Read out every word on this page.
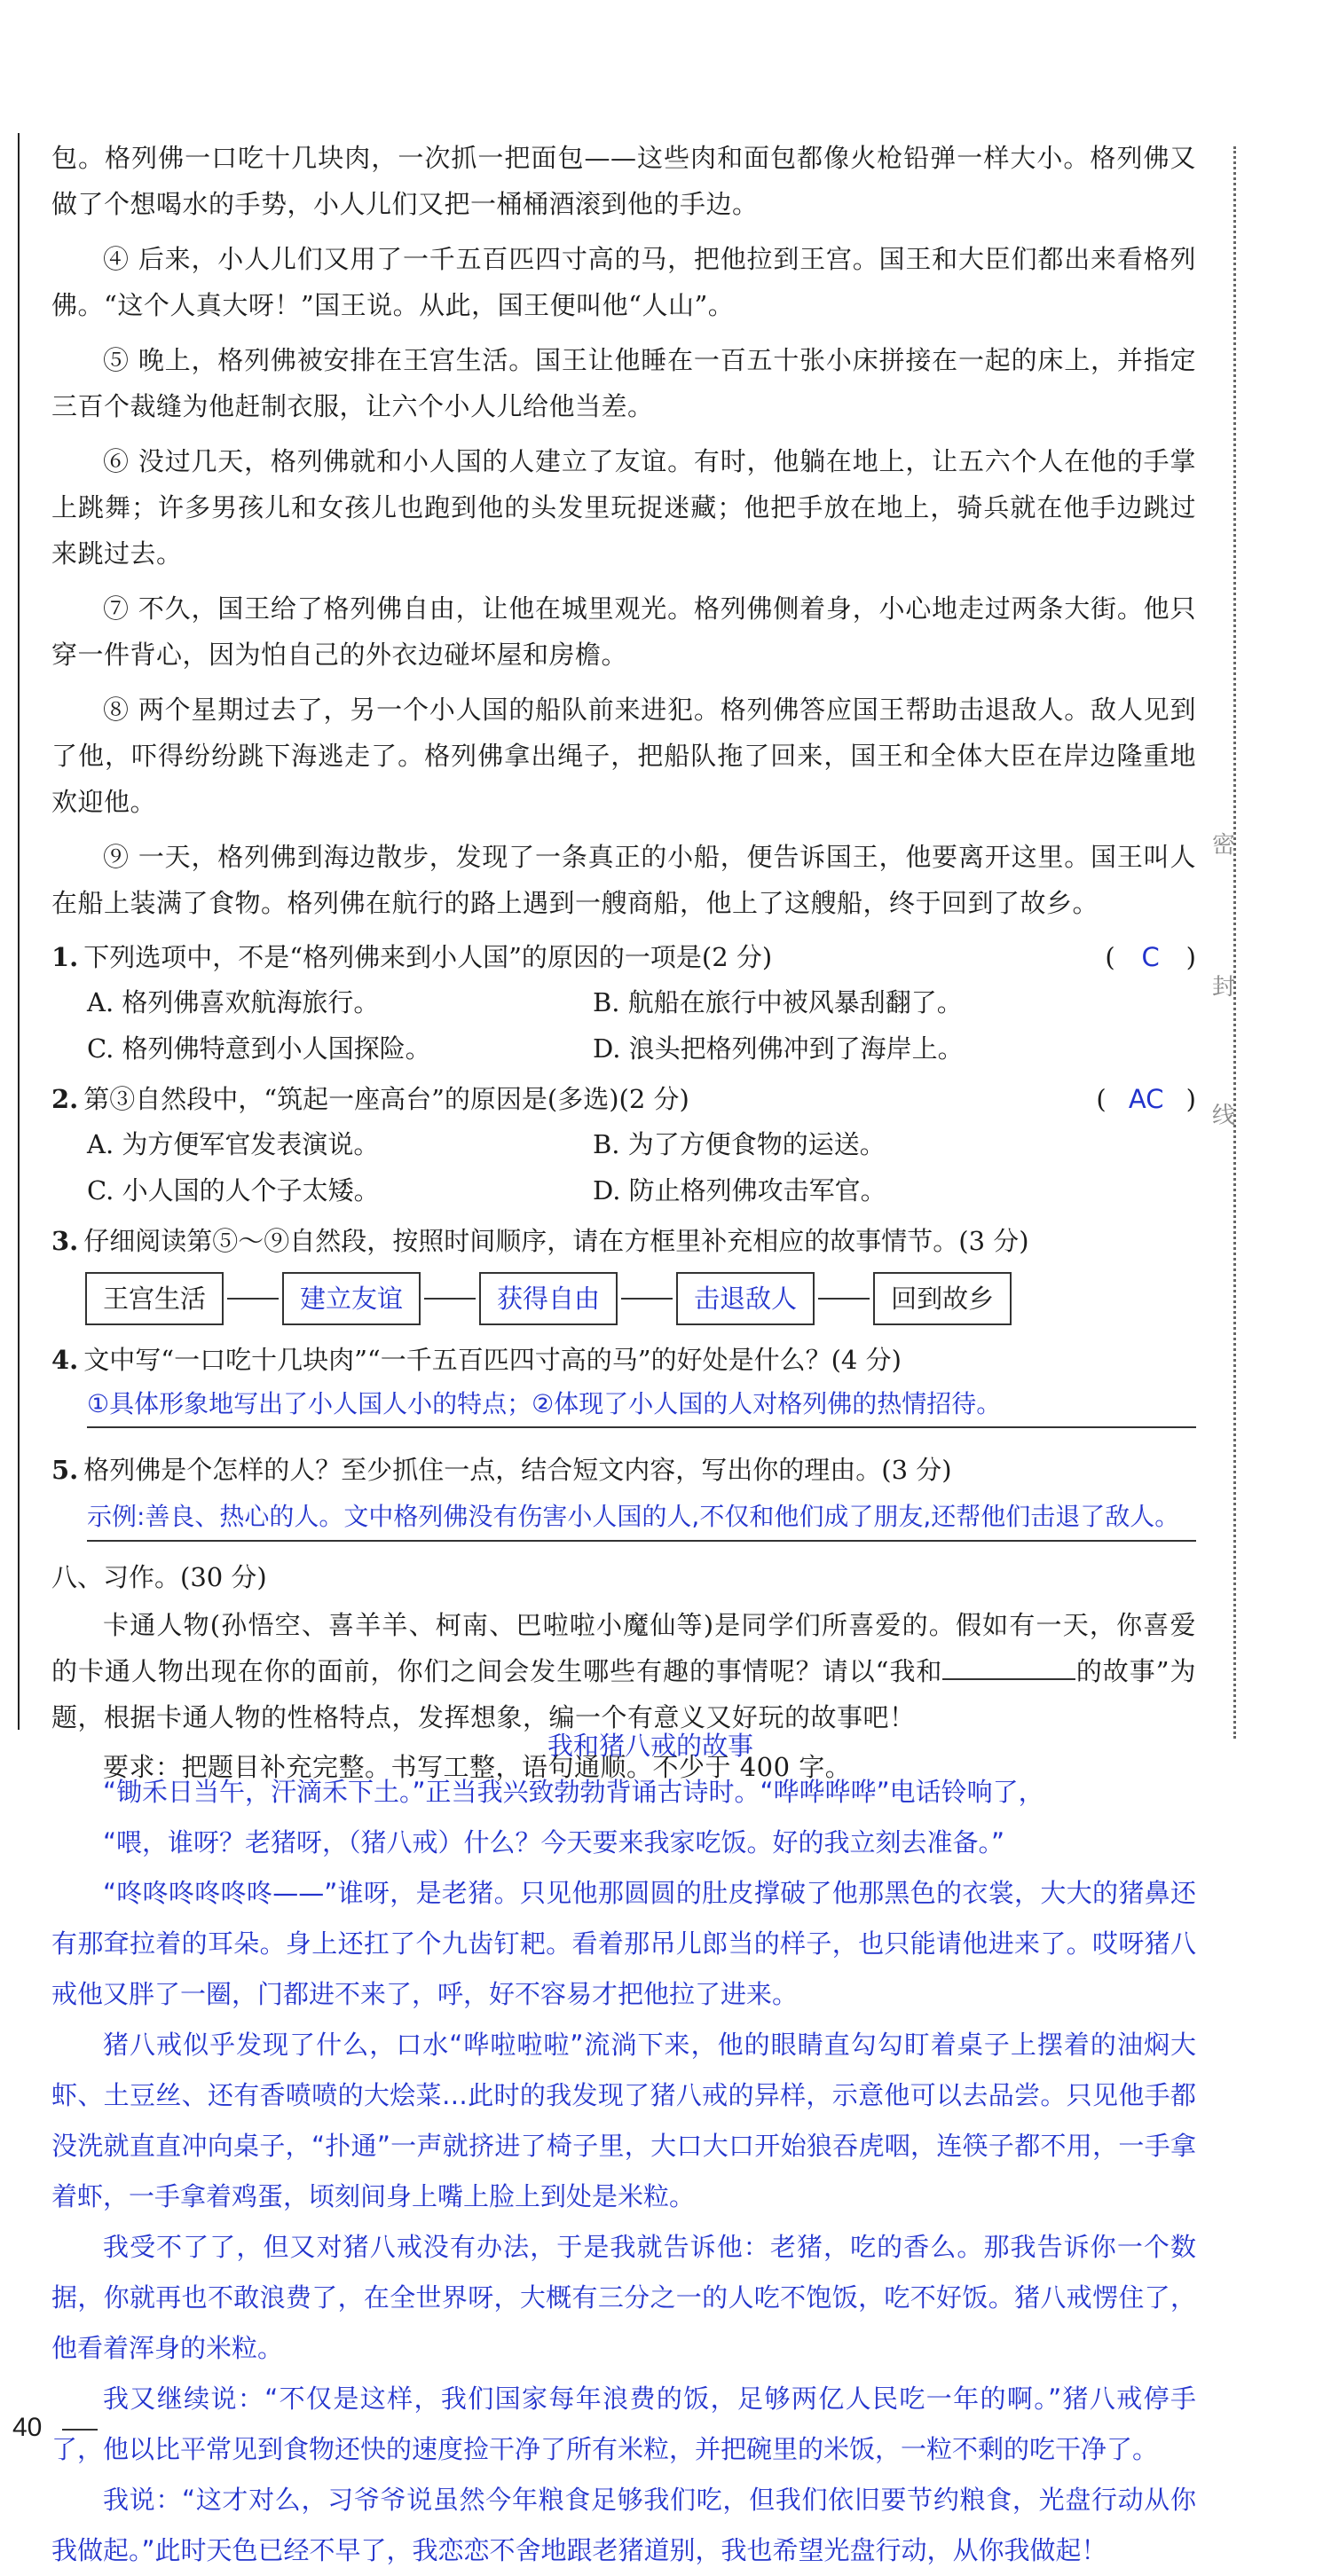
密
封
线

包。格列佛一口吃十几块肉，一次抓一把面包——这些肉和面包都像火枪铅弹一样大小。格列佛又做了个想喝水的手势，小人儿们又把一桶桶酒滚到他的手边。

④ 后来，小人儿们又用了一千五百匹四寸高的马，把他拉到王宫。国王和大臣们都出来看格列佛。“这个人真大呀！”国王说。从此，国王便叫他“人山”。

⑤ 晚上，格列佛被安排在王宫生活。国王让他睡在一百五十张小床拼接在一起的床上，并指定三百个裁缝为他赶制衣服，让六个小人儿给他当差。

⑥ 没过几天，格列佛就和小人国的人建立了友谊。有时，他躺在地上，让五六个人在他的手掌上跳舞；许多男孩儿和女孩儿也跑到他的头发里玩捉迷藏；他把手放在地上，骑兵就在他手边跳过来跳过去。

⑦ 不久，国王给了格列佛自由，让他在城里观光。格列佛侧着身，小心地走过两条大街。他只穿一件背心，因为怕自己的外衣边碰坏屋和房檐。

⑧ 两个星期过去了，另一个小人国的船队前来进犯。格列佛答应国王帮助击退敌人。敌人见到了他，吓得纷纷跳下海逃走了。格列佛拿出绳子，把船队拖了回来，国王和全体大臣在岸边隆重地欢迎他。

⑨ 一天，格列佛到海边散步，发现了一条真正的小船，便告诉国王，他要离开这里。国王叫人在船上装满了食物。格列佛在航行的路上遇到一艘商船，他上了这艘船，终于回到了故乡。

1. 下列选项中，不是“格列佛来到小人国”的原因的一项是(2 分)	( C )
A. 格列佛喜欢航海旅行。	B. 航船在旅行中被风暴刮翻了。
C. 格列佛特意到小人国探险。	D. 浪头把格列佛冲到了海岸上。
2. 第③自然段中，“筑起一座高台”的原因是(多选)(2 分)	( AC )
A. 为方便军官发表演说。	B. 为了方便食物的运送。
C. 小人国的人个子太矮。	D. 防止格列佛攻击军官。
3. 仔细阅读第⑤～⑨自然段，按照时间顺序，请在方框里补充相应的故事情节。(3 分)
王宫生活	建立友谊	获得自由	击退敌人	回到故乡
4. 文中写“一口吃十几块肉”“一千五百匹四寸高的马”的好处是什么？(4 分)
①具体形象地写出了小人国人小的特点；②体现了小人国的人对格列佛的热情招待。
5. 格列佛是个怎样的人？至少抓住一点，结合短文内容，写出你的理由。(3 分)
示例:善良、热心的人。文中格列佛没有伤害小人国的人,不仅和他们成了朋友,还帮他们击退了敌人。
八、习作。(30 分)

卡通人物(孙悟空、喜羊羊、柯南、巴啦啦小魔仙等)是同学们所喜爱的。假如有一天，你喜爱的卡通人物出现在你的面前，你们之间会发生哪些有趣的事情呢？请以“我和	的故事”为题，根据卡通人物的性格特点，发挥想象，编一个有意义又好玩的故事吧！

要求：把题目补充完整。书写工整，语句通顺。不少于 400 字。

我和猪八戒的故事

“锄禾日当午，汗滴禾下土。”正当我兴致勃勃背诵古诗时。“哗哗哗哗”电话铃响了，

“喂，谁呀？老猪呀，（猪八戒）什么？今天要来我家吃饭。好的我立刻去准备。”

“咚咚咚咚咚咚——”谁呀，是老猪。只见他那圆圆的肚皮撑破了他那黑色的衣裳，大大的猪鼻还有那耷拉着的耳朵。身上还扛了个九齿钉耙。看着那吊儿郎当的样子，也只能请他进来了。哎呀猪八戒他又胖了一圈，门都进不来了，呼，好不容易才把他拉了进来。

猪八戒似乎发现了什么，口水“哗啦啦啦”流淌下来，他的眼睛直勾勾盯着桌子上摆着的油焖大虾、土豆丝、还有香喷喷的大烩菜…此时的我发现了猪八戒的异样，示意他可以去品尝。只见他手都没洗就直直冲向桌子，“扑通”一声就挤进了椅子里，大口大口开始狼吞虎咽，连筷子都不用，一手拿着虾，一手拿着鸡蛋，顷刻间身上嘴上脸上到处是米粒。

我受不了了，但又对猪八戒没有办法，于是我就告诉他：老猪，吃的香么。那我告诉你一个数据，你就再也不敢浪费了，在全世界呀，大概有三分之一的人吃不饱饭，吃不好饭。猪八戒愣住了，他看着浑身的米粒。

我又继续说：“不仅是这样，我们国家每年浪费的饭，足够两亿人民吃一年的啊。”猪八戒停手了，他以比平常见到食物还快的速度捡干净了所有米粒，并把碗里的米饭，一粒不剩的吃干净了。

我说：“这才对么，习爷爷说虽然今年粮食足够我们吃，但我们依旧要节约粮食，光盘行动从你我做起。”此时天色已经不早了，我恋恋不舍地跟老猪道别，我也希望光盘行动，从你我做起！

40
